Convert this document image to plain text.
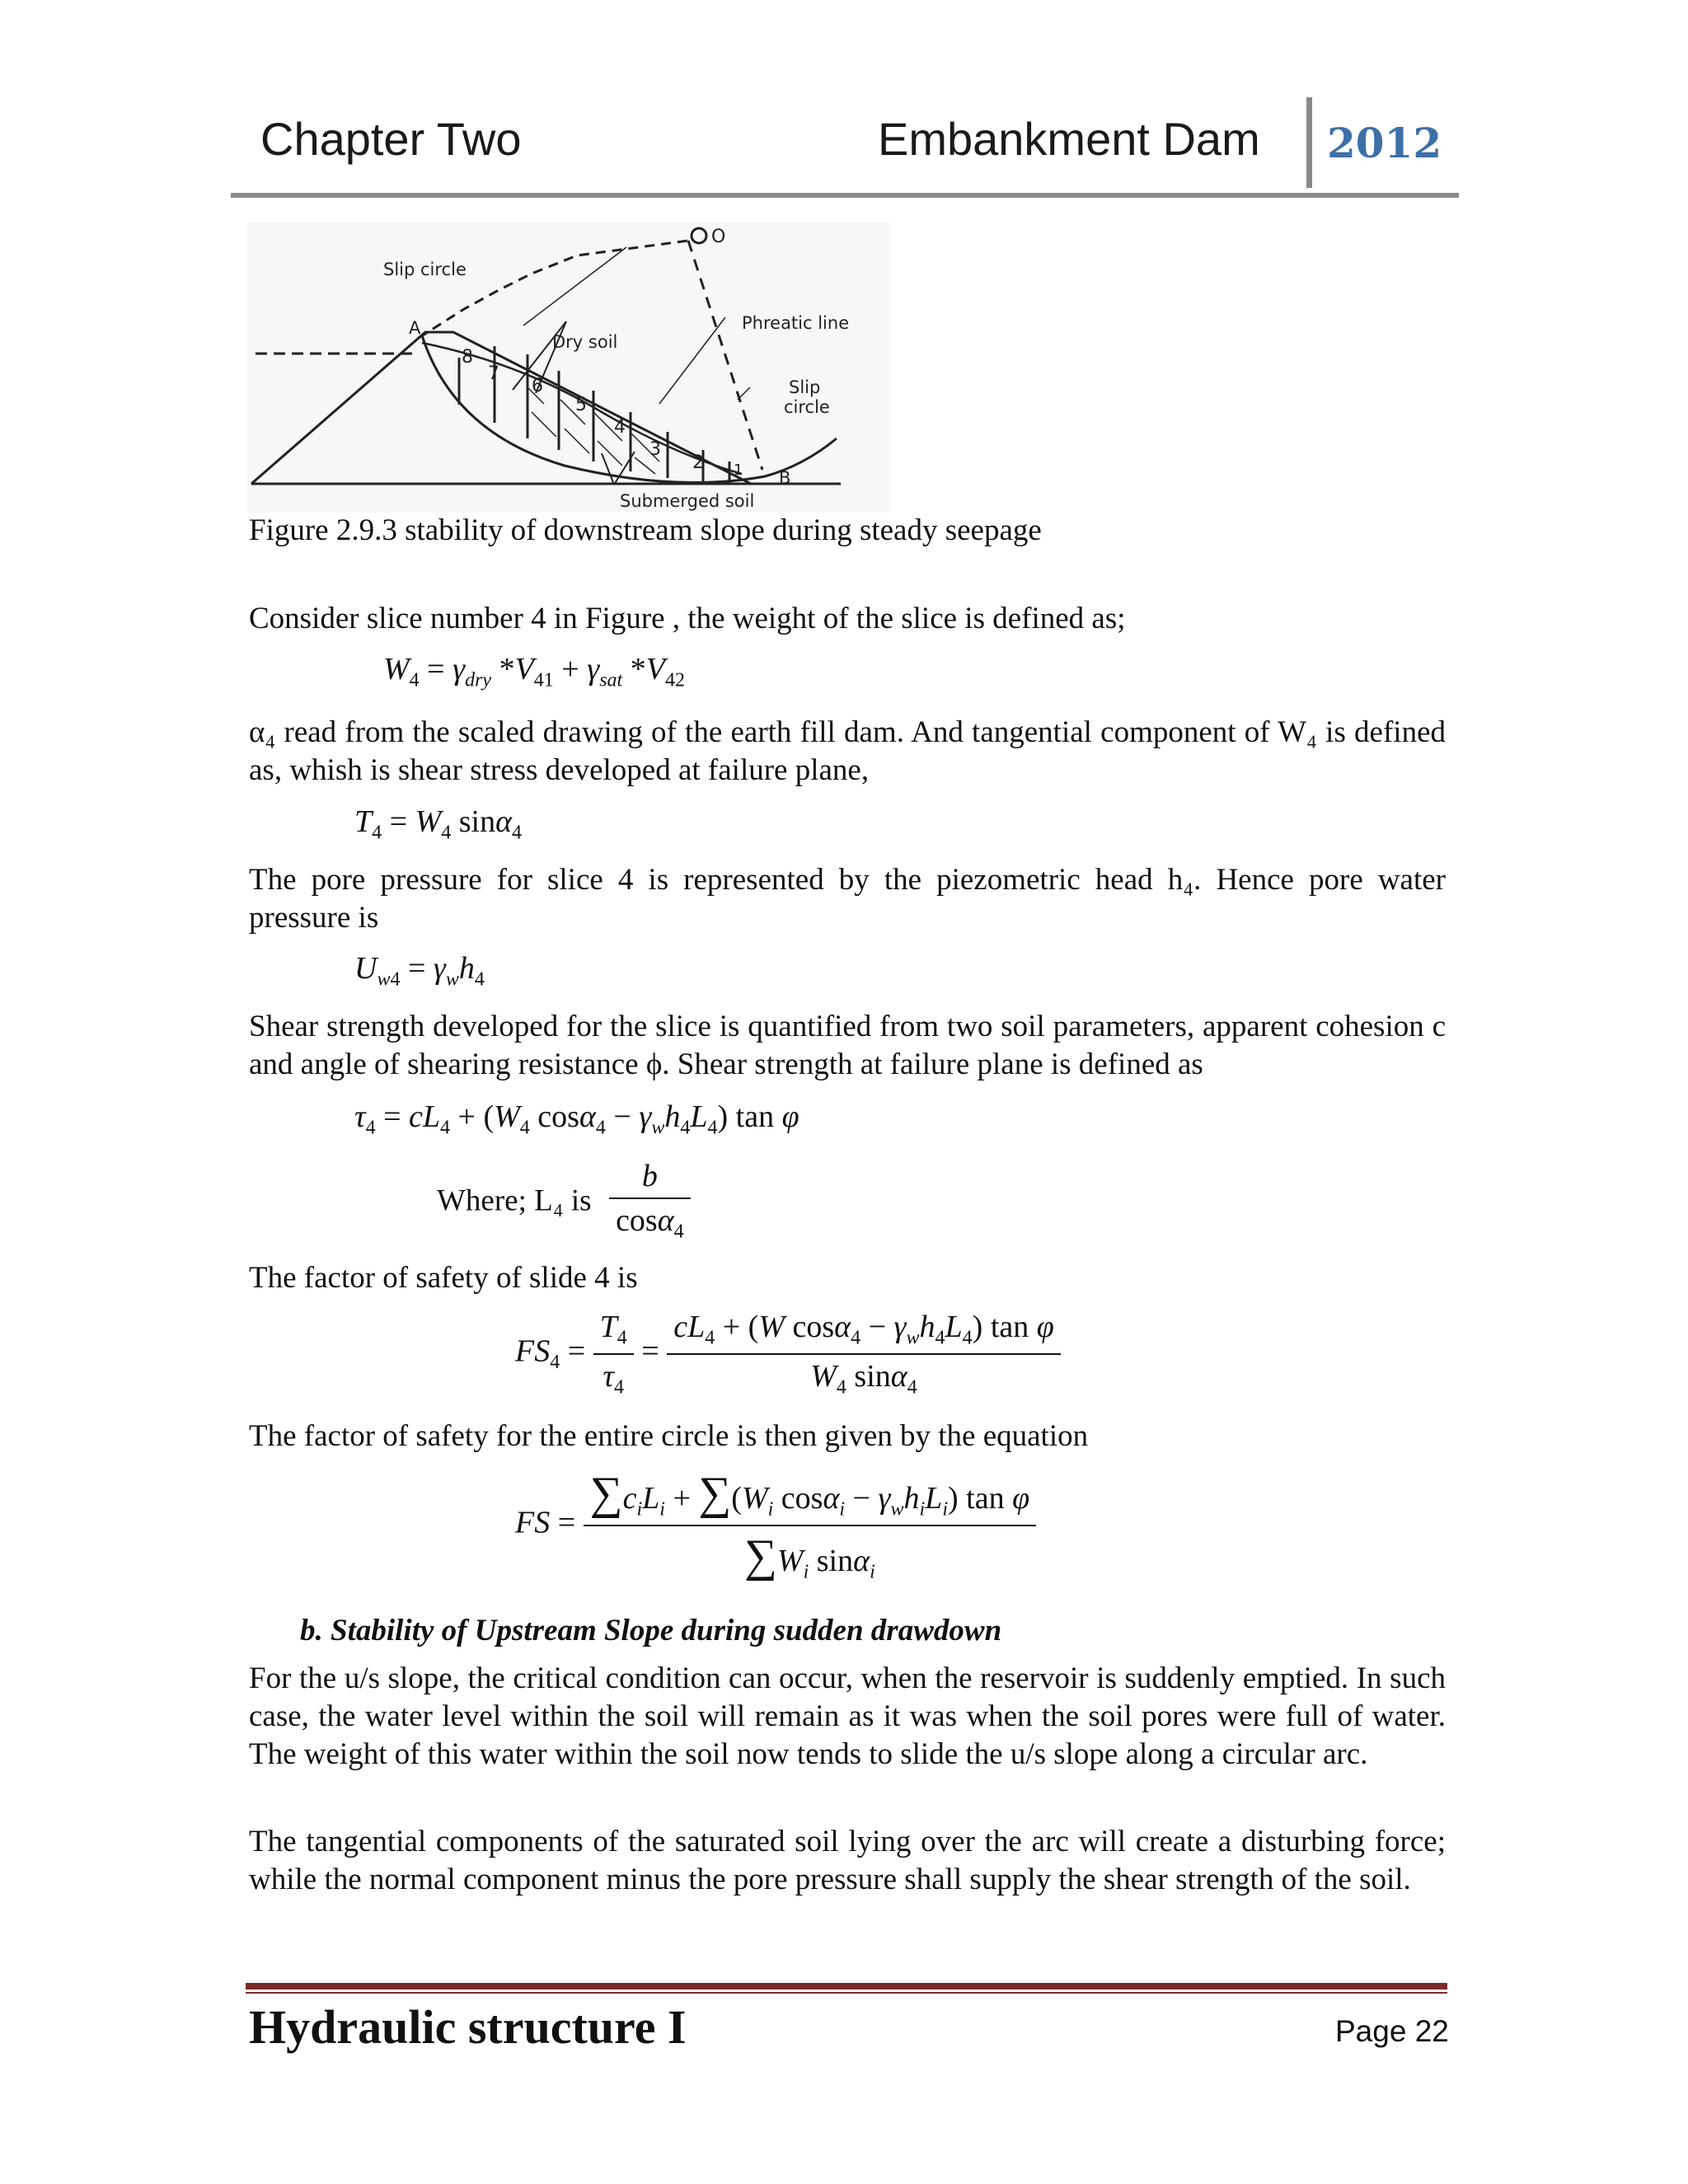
Chapter Two	Embankment Dam 2012
O
Slip circle
Phreatic line
Dry soil
Slip
circle
A
B
Submerged soil
1
2
3
4
5
6
7
8
Figure 2.9.3 stability of downstream slope during steady seepage
Consider slice number 4 in Figure , the weight of the slice is defined as;
$W_4 = \gamma_{dry}$ $*V_{41} + \gamma_{sat}$ $*V_{42}$
α₄ read from the scaled drawing of the earth fill dam. And tangential component of W₄ is defined as, whish is shear stress developed at failure plane,
$T_4 = W_4$ sinα$_4$
The pore pressure for slice 4 is represented by the piezometric head h₄. Hence pore water pressure is
$U_{w4} = \gamma_wh_4$
Shear strength developed for the slice is quantified from two soil parameters, apparent cohesion c and angle of shearing resistance ϕ. Shear strength at failure plane is defined as
$\tau_4 = cL_4 + (W_4$ $\cos\alpha_4 - \gamma_wh_4L_4$) tan φ
Where; L₄ is $\frac{b}{\cos\alpha_4}$
The factor of safety of slide 4 is
$FS_4 = \frac{T_4}{\tau_4} = \frac{cL_4 + (W \cos\alpha_4 - \gamma_wh_4L_4) \tan \varphi}{W_4 \sin\alpha_4}$
The factor of safety for the entire circle is then given by the equation
FS = $\frac{\sum c_iL_i + \sum(W_i \cos\alpha_i - \gamma_wh_iL_i) \tan \varphi}{\sum W_i \sin\alpha_i}$
b. Stability of Upstream Slope during sudden drawdown
For the u/s slope, the critical condition can occur, when the reservoir is suddenly emptied. In such case, the water level within the soil will remain as it was when the soil pores were full of water. The weight of this water within the soil now tends to slide the u/s slope along a circular arc.
The tangential components of the saturated soil lying over the arc will create a disturbing force; while the normal component minus the pore pressure shall supply the shear strength of the soil.
Hydraulic structure I	Page 22
